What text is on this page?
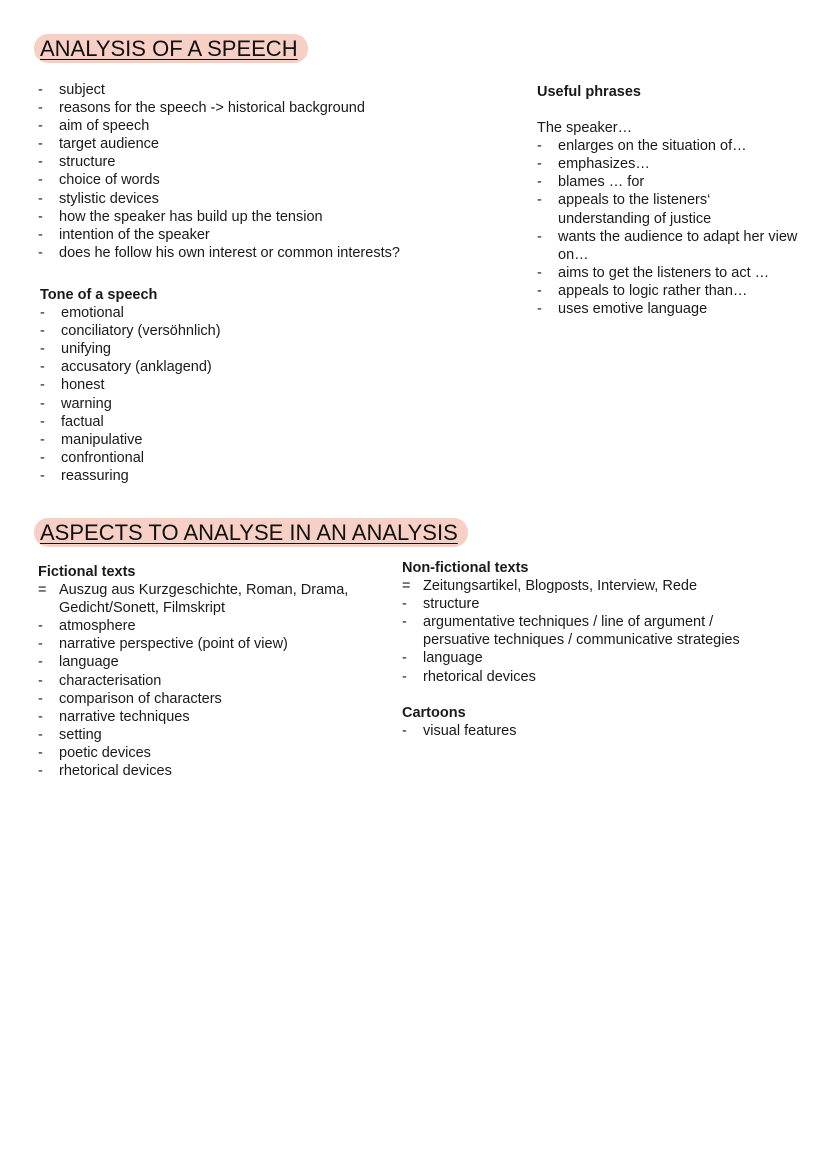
ANALYSIS OF A SPEECH
-	subject
-	reasons for the speech -> historical background
-	aim of speech
-	target audience
-	structure
-	choice of words
-	stylistic devices
-	how the speaker has build up the tension
-	intention of the speaker
-	does he follow his own interest or common interests?
Tone of a speech
-	emotional
-	conciliatory (versöhnlich)
-	unifying
-	accusatory (anklagend)
-	honest
-	warning
-	factual
-	manipulative
-	confrontional
-	reassuring
Useful phrases
The speaker…
-	enlarges on the situation of…
-	emphasizes…
-	blames … for
-	appeals to the listeners‘ understanding of justice
-	wants the audience to adapt her view on…
-	aims to get the listeners to act …
-	appeals to logic rather than…
-	uses emotive language
ASPECTS TO ANALYSE IN AN ANALYSIS
Fictional texts
= Auszug aus Kurzgeschichte, Roman, Drama, Gedicht/Sonett, Filmskript
-	atmosphere
-	narrative perspective (point of view)
-	language
-	characterisation
-	comparison of characters
-	narrative techniques
-	setting
-	poetic devices
-	rhetorical devices
Non-fictional texts
= Zeitungsartikel, Blogposts, Interview, Rede
-	structure
-	argumentative techniques / line of argument / persuative techniques / communicative strategies
-	language
-	rhetorical devices
Cartoons
-	visual features
